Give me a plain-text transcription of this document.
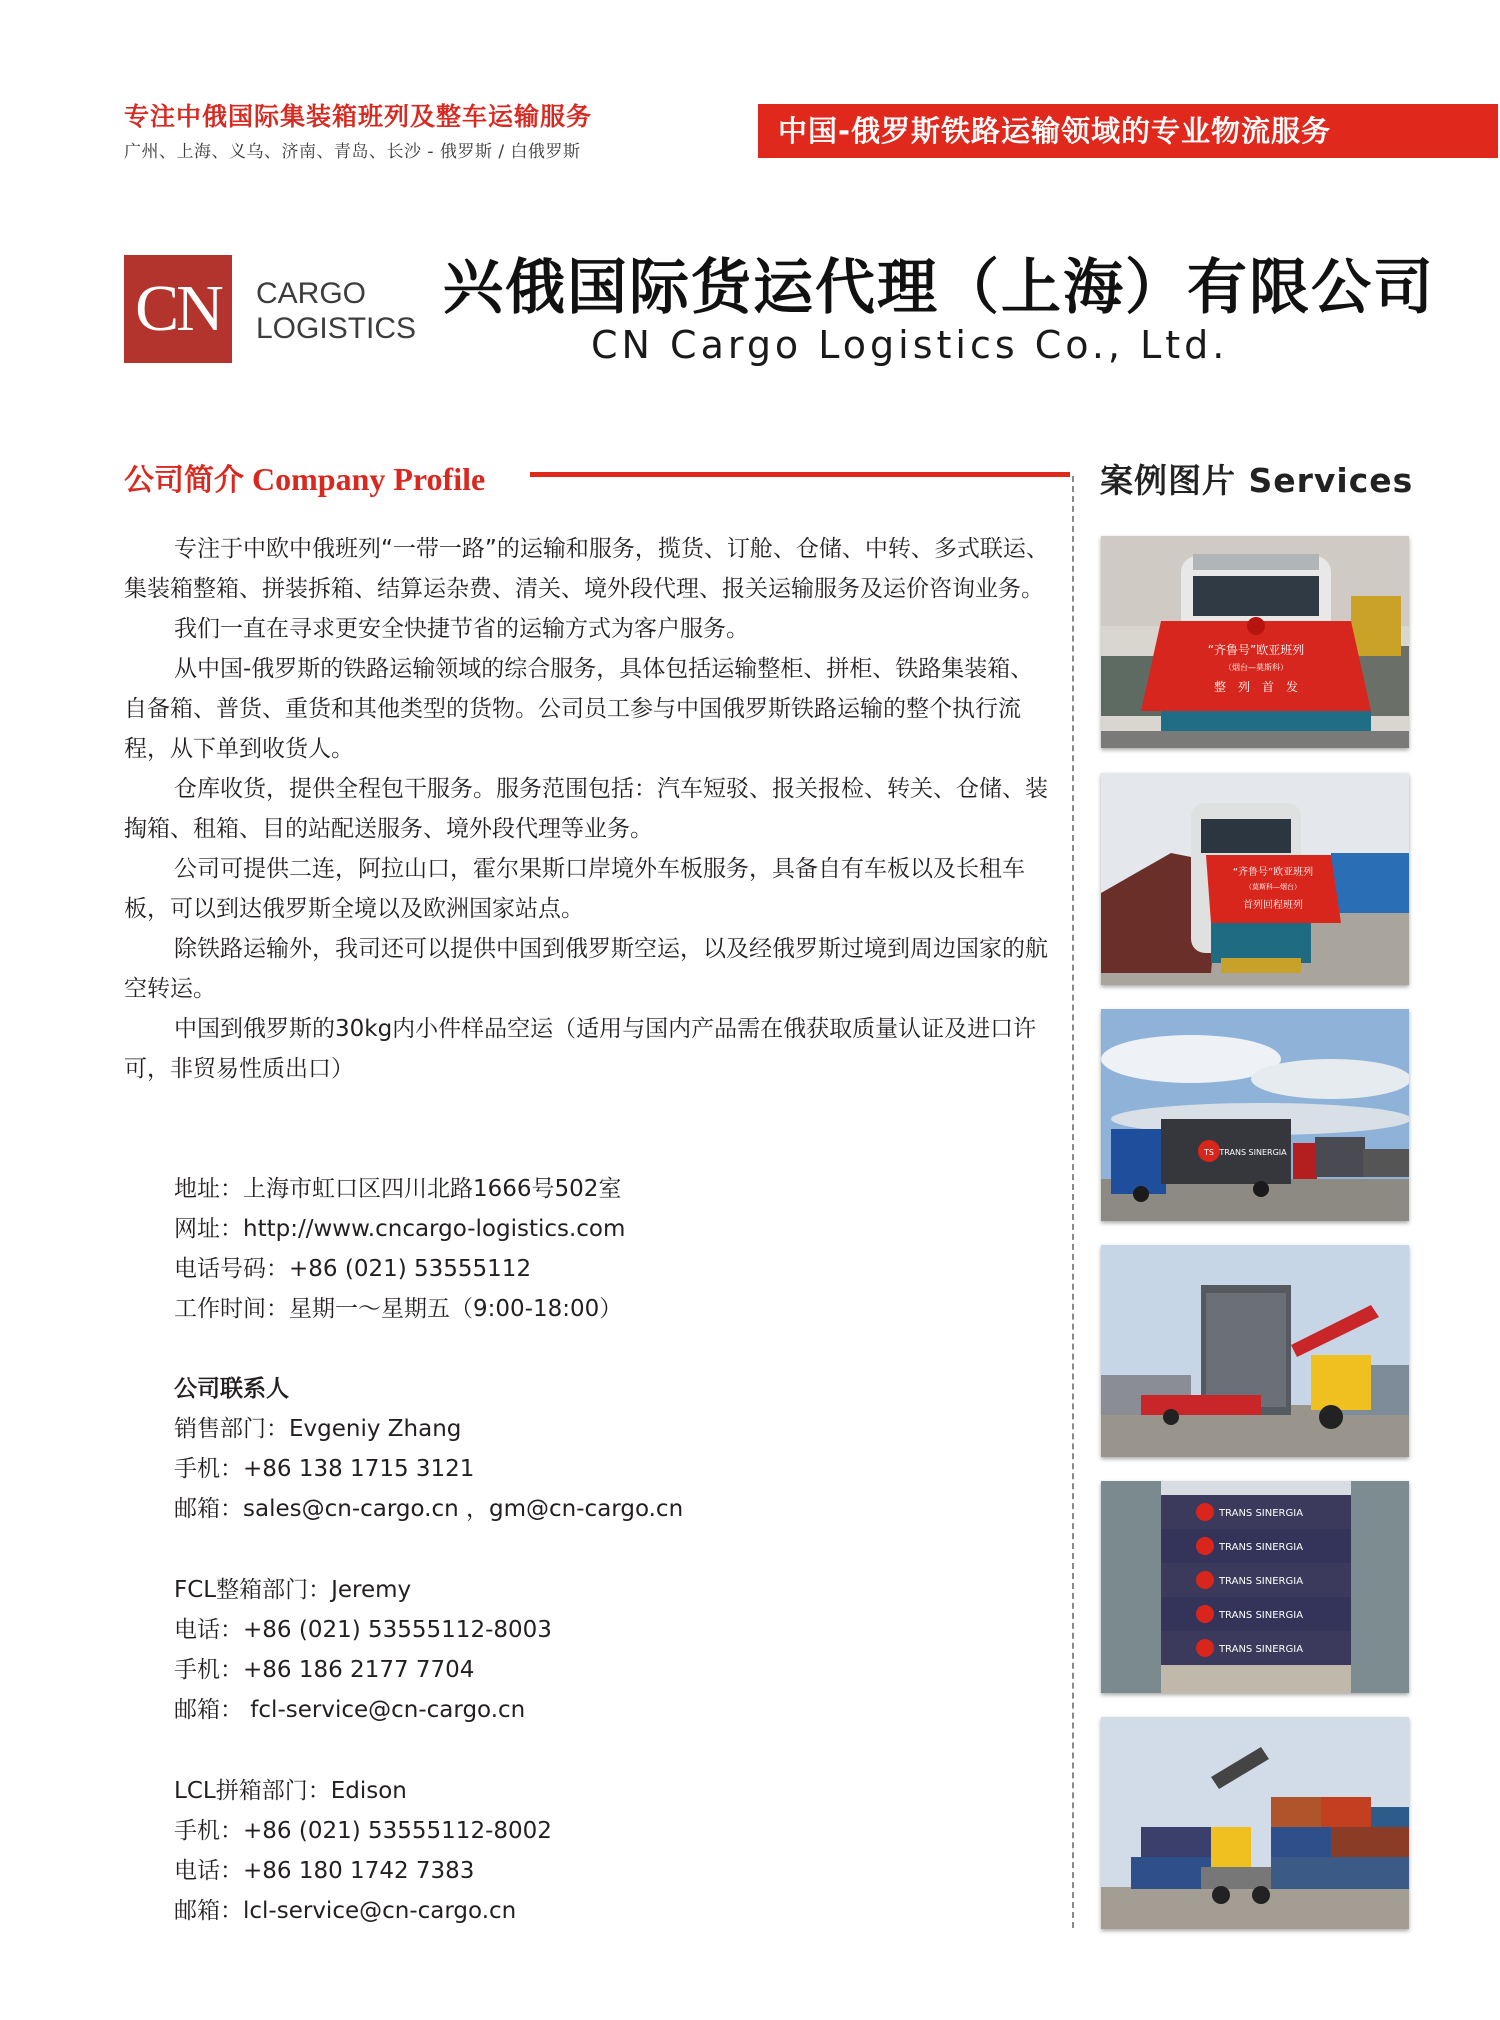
专注中俄国际集装箱班列及整车运输服务
广州、上海、义乌、济南、青岛、长沙 - 俄罗斯 / 白俄罗斯
中国-俄罗斯铁路运输领域的专业物流服务
CN	CARGO
LOGISTICS
兴俄国际货运代理（上海）有限公司
CN Cargo Logistics Co., Ltd.
公司简介 Company Profile	案例图片 Services

专注于中欧中俄班列“一带一路”的运输和服务，揽货、订舱、仓储、中转、多式联运、集装箱整箱、拼装拆箱、结算运杂费、清关、境外段代理、报关运输服务及运价咨询业务。

我们一直在寻求更安全快捷节省的运输方式为客户服务。

从中国-俄罗斯的铁路运输领域的综合服务，具体包括运输整柜、拼柜、铁路集装箱、自备箱、普货、重货和其他类型的货物。公司员工参与中国俄罗斯铁路运输的整个执行流程，从下单到收货人。

仓库收货，提供全程包干服务。服务范围包括：汽车短驳、报关报检、转关、仓储、装掏箱、租箱、目的站配送服务、境外段代理等业务。

公司可提供二连，阿拉山口，霍尔果斯口岸境外车板服务，具备自有车板以及长租车板，可以到达俄罗斯全境以及欧洲国家站点。

除铁路运输外，我司还可以提供中国到俄罗斯空运，以及经俄罗斯过境到周边国家的航空转运。

中国到俄罗斯的30kg内小件样品空运（适用与国内产品需在俄获取质量认证及进口许可，非贸易性质出口）

地址：上海市虹口区四川北路1666号502室
网址：http://www.cncargo-logistics.com
电话号码：+86 (021) 53555112
工作时间：星期一～星期五（9:00-18:00）
公司联系人
销售部门：Evgeniy Zhang
手机：+86 138 1715 3121
邮箱：sales@cn-cargo.cn ，gm@cn-cargo.cn
FCL整箱部门：Jeremy
电话：+86 (021) 53555112-8003
手机：+86 186 2177 7704
邮箱： fcl-service@cn-cargo.cn
LCL拼箱部门：Edison
手机：+86 (021) 53555112-8002
电话：+86 180 1742 7383
邮箱：lcl-service@cn-cargo.cn
“齐鲁号”欧亚班列
（烟台—莫斯科）
整　列　首　发
“齐鲁号”欧亚班列
（莫斯科—烟台）
首列回程班列
TS TRANS SINERGIA
TRANS SINERGIA
TRANS SINERGIA
TRANS SINERGIA
TRANS SINERGIA
TRANS SINERGIA
